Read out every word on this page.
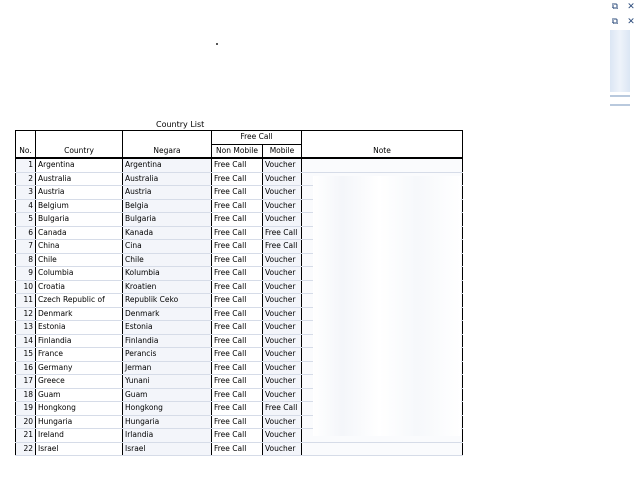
⧉ ✕
⧉ ✕
Country List
No.	Country	Negara	Free Call		Note
			Non Mobile	Mobile	

1	Argentina	Argentina	Free Call	Voucher	
2	Australia	Australia	Free Call	Voucher	
3	Austria	Austria	Free Call	Voucher	
4	Belgium	Belgia	Free Call	Voucher	
5	Bulgaria	Bulgaria	Free Call	Voucher	
6	Canada	Kanada	Free Call	Free Call	
7	China	Cina	Free Call	Free Call	
8	Chile	Chile	Free Call	Voucher	
9	Columbia	Kolumbia	Free Call	Voucher	
10	Croatia	Kroatien	Free Call	Voucher	
11	Czech Republic of	Republik Ceko	Free Call	Voucher	
12	Denmark	Denmark	Free Call	Voucher	
13	Estonia	Estonia	Free Call	Voucher	
14	Finlandia	Finlandia	Free Call	Voucher	
15	France	Perancis	Free Call	Voucher	
16	Germany	Jerman	Free Call	Voucher	
17	Greece	Yunani	Free Call	Voucher	
18	Guam	Guam	Free Call	Voucher	
19	Hongkong	Hongkong	Free Call	Free Call	
20	Hungaria	Hungaria	Free Call	Voucher	
21	Ireland	Irlandia	Free Call	Voucher	
22	Israel	Israel	Free Call	Voucher	
